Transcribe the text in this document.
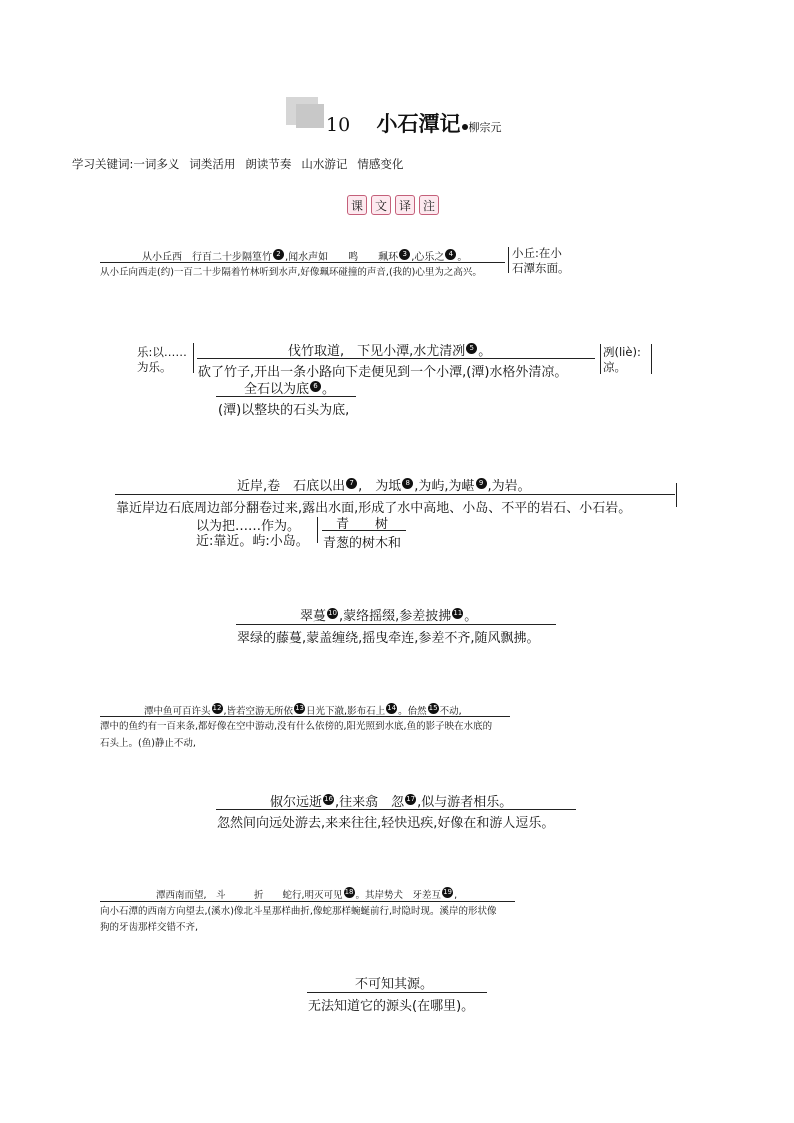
10 小石潭记 柳宗元
学习关键词:一词多义 词类活用 朗读节奏 山水游记 情感变化
课 文 译 注
从小丘西　行百二十步隔篁竹 2 ,闻水声如　　鸣　　珮环 3 ,心乐之 4 。
从小丘向西走(约)一百二十步隔着竹林听到水声,好像珮环碰撞的声音,(我的)心里为之高兴。
小丘:在小
石潭东面。
乐:以……
为乐。
伐竹取道,　下见小潭,水尤清冽 5 。
砍了竹子,开出一条小路向下走便见到一个小潭,(潭)水格外清凉。
冽(liè):
凉。
全石以为底 6 。
(潭)以整块的石头为底,
近岸,卷　石底以出 7 ,　为坻 8 ,为屿,为嵁 9 ,为岩。
靠近岸边石底周边部分翻卷过来,露出水面,形成了水中高地、小岛、不平的岩石、小石岩。
以为把……作为。
近:靠近。屿:小岛。
青　　树
青葱的树木和
翠蔓 10 ,蒙络摇缀,参差披拂 11 。
翠绿的藤蔓,蒙盖缠绕,摇曳牵连,参差不齐,随风飘拂。
潭中鱼可百许头 12 ,皆若空游无所依 13 日光下澈,影布石上 14 。佁然 15 不动,
潭中的鱼约有一百来条,都好像在空中游动,没有什么依傍的,阳光照到水底,鱼的影子映在水底的
石头上。(鱼)静止不动,
俶尔远逝 16 ,往来翕　忽 17 ,似与游者相乐。
忽然间向远处游去,来来往往,轻快迅疾,好像在和游人逗乐。
潭西南而望,　斗　　　折　　蛇行,明灭可见 18 。其岸势犬　牙差互 19 ,
向小石潭的西南方向望去,(溪水)像北斗星那样曲折,像蛇那样蜿蜒前行,时隐时现。溪岸的形状像
狗的牙齿那样交错不齐,
不可知其源。
无法知道它的源头(在哪里)。
